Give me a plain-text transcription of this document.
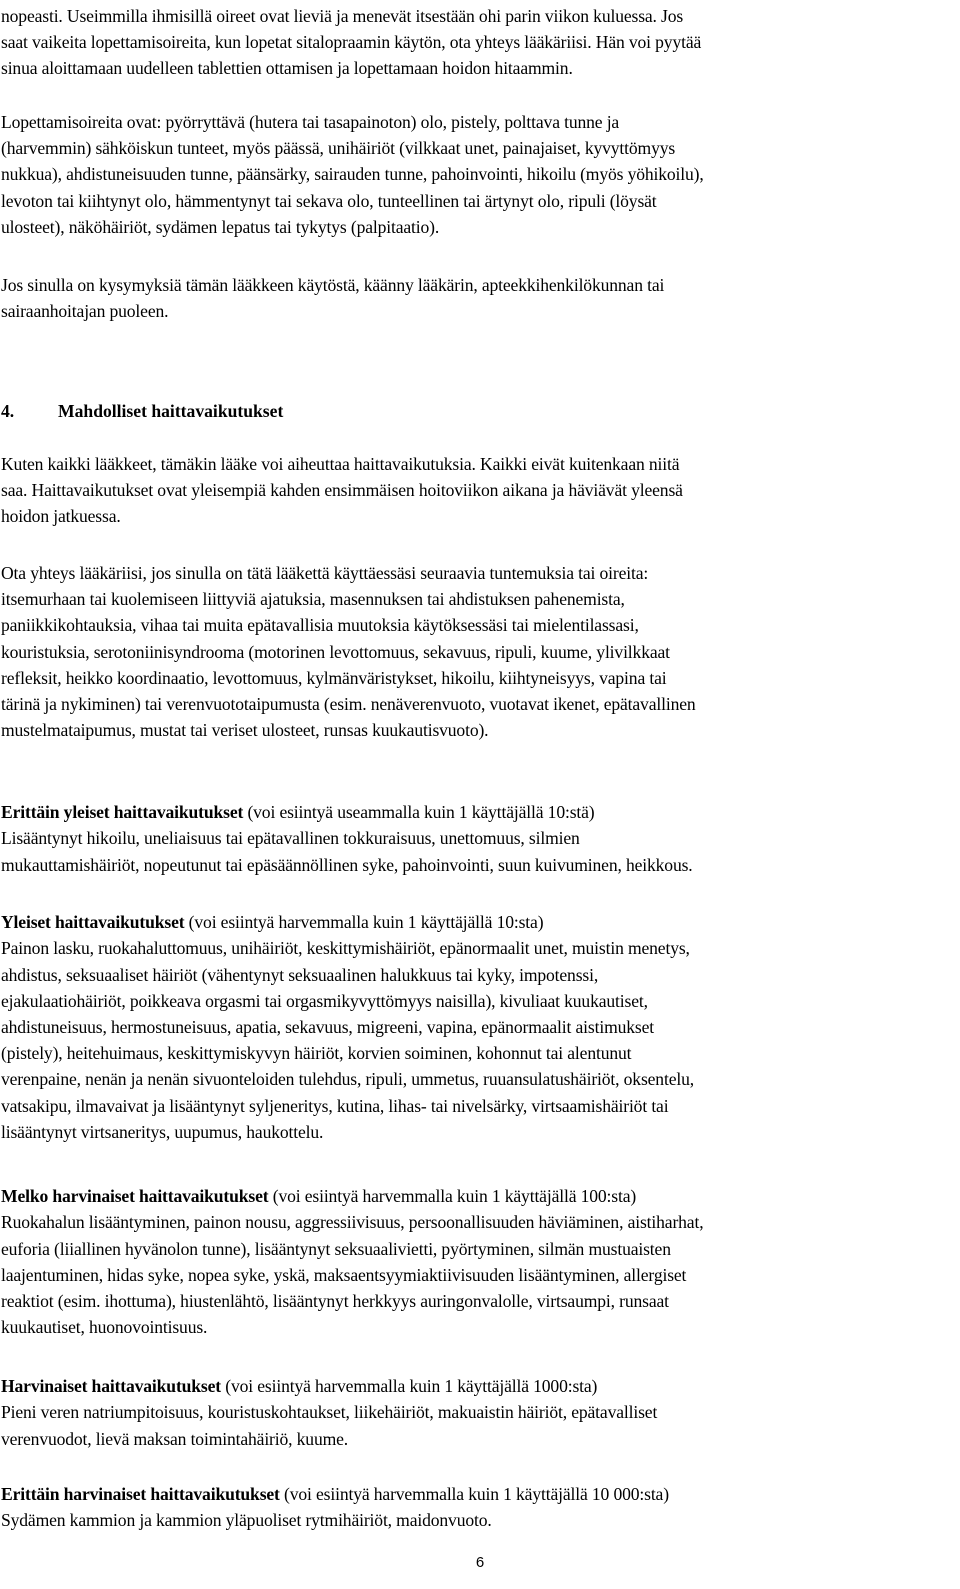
nopeasti. Useimmilla ihmisillä oireet ovat lieviä ja menevät itsestään ohi parin viikon kuluessa. Jos
saat vaikeita lopettamisoireita, kun lopetat sitalopraamin käytön, ota yhteys lääkäriisi. Hän voi pyytää
sinua aloittamaan uudelleen tablettien ottamisen ja lopettamaan hoidon hitaammin.

Lopettamisoireita ovat: pyörryttävä (hutera tai tasapainoton) olo, pistely, polttava tunne ja
(harvemmin) sähköiskun tunteet, myös päässä, unihäiriöt (vilkkaat unet, painajaiset, kyvyttömyys
nukkua), ahdistuneisuuden tunne, päänsärky, sairauden tunne, pahoinvointi, hikoilu (myös yöhikoilu),
levoton tai kiihtynyt olo, hämmentynyt tai sekava olo, tunteellinen tai ärtynyt olo, ripuli (löysät
ulosteet), näköhäiriöt, sydämen lepatus tai tykytys (palpitaatio).

Jos sinulla on kysymyksiä tämän lääkkeen käytöstä, käänny lääkärin, apteekkihenkilökunnan tai
sairaanhoitajan puoleen.

4. Mahdolliset haittavaikutukset

Kuten kaikki lääkkeet, tämäkin lääke voi aiheuttaa haittavaikutuksia. Kaikki eivät kuitenkaan niitä
saa. Haittavaikutukset ovat yleisempiä kahden ensimmäisen hoitoviikon aikana ja häviävät yleensä
hoidon jatkuessa.

Ota yhteys lääkäriisi, jos sinulla on tätä lääkettä käyttäessäsi seuraavia tuntemuksia tai oireita:
itsemurhaan tai kuolemiseen liittyviä ajatuksia, masennuksen tai ahdistuksen pahenemista,
paniikkikohtauksia, vihaa tai muita epätavallisia muutoksia käytöksessäsi tai mielentilassasi,
kouristuksia, serotoniinisyndrooma (motorinen levottomuus, sekavuus, ripuli, kuume, ylivilkkaat
refleksit, heikko koordinaatio, levottomuus, kylmänväristykset, hikoilu, kiihtyneisyys, vapina tai
tärinä ja nykiminen) tai verenvuototaipumusta (esim. nenäverenvuoto, vuotavat ikenet, epätavallinen
mustelmataipumus, mustat tai veriset ulosteet, runsas kuukautisvuoto).

Erittäin yleiset haittavaikutukset (voi esiintyä useammalla kuin 1 käyttäjällä 10:stä)

Lisääntynyt hikoilu, uneliaisuus tai epätavallinen tokkuraisuus, unettomuus, silmien
mukauttamishäiriöt, nopeutunut tai epäsäännöllinen syke, pahoinvointi, suun kuivuminen, heikkous.

Yleiset haittavaikutukset (voi esiintyä harvemmalla kuin 1 käyttäjällä 10:sta)

Painon lasku, ruokahaluttomuus, unihäiriöt, keskittymishäiriöt, epänormaalit unet, muistin menetys,
ahdistus, seksuaaliset häiriöt (vähentynyt seksuaalinen halukkuus tai kyky, impotenssi,
ejakulaatiohäiriöt, poikkeava orgasmi tai orgasmikyvyttömyys naisilla), kivuliaat kuukautiset,
ahdistuneisuus, hermostuneisuus, apatia, sekavuus, migreeni, vapina, epänormaalit aistimukset
(pistely), heitehuimaus, keskittymiskyvyn häiriöt, korvien soiminen, kohonnut tai alentunut
verenpaine, nenän ja nenän sivuonteloiden tulehdus, ripuli, ummetus, ruuansulatushäiriöt, oksentelu,
vatsakipu, ilmavaivat ja lisääntynyt syljeneritys, kutina, lihas- tai nivelsärky, virtsaamishäiriöt tai
lisääntynyt virtsaneritys, uupumus, haukottelu.

Melko harvinaiset haittavaikutukset (voi esiintyä harvemmalla kuin 1 käyttäjällä 100:sta)

Ruokahalun lisääntyminen, painon nousu, aggressiivisuus, persoonallisuuden häviäminen, aistiharhat,
euforia (liiallinen hyvänolon tunne), lisääntynyt seksuaalivietti, pyörtyminen, silmän mustuaisten
laajentuminen, hidas syke, nopea syke, yskä, maksaentsyymiaktiivisuuden lisääntyminen, allergiset
reaktiot (esim. ihottuma), hiustenlähtö, lisääntynyt herkkyys auringonvalolle, virtsaumpi, runsaat
kuukautiset, huonovointisuus.

Harvinaiset haittavaikutukset (voi esiintyä harvemmalla kuin 1 käyttäjällä 1000:sta)

Pieni veren natriumpitoisuus, kouristuskohtaukset, liikehäiriöt, makuaistin häiriöt, epätavalliset
verenvuodot, lievä maksan toimintahäiriö, kuume.

Erittäin harvinaiset haittavaikutukset (voi esiintyä harvemmalla kuin 1 käyttäjällä 10 000:sta)

Sydämen kammion ja kammion yläpuoliset rytmihäiriöt, maidonvuoto.

6
